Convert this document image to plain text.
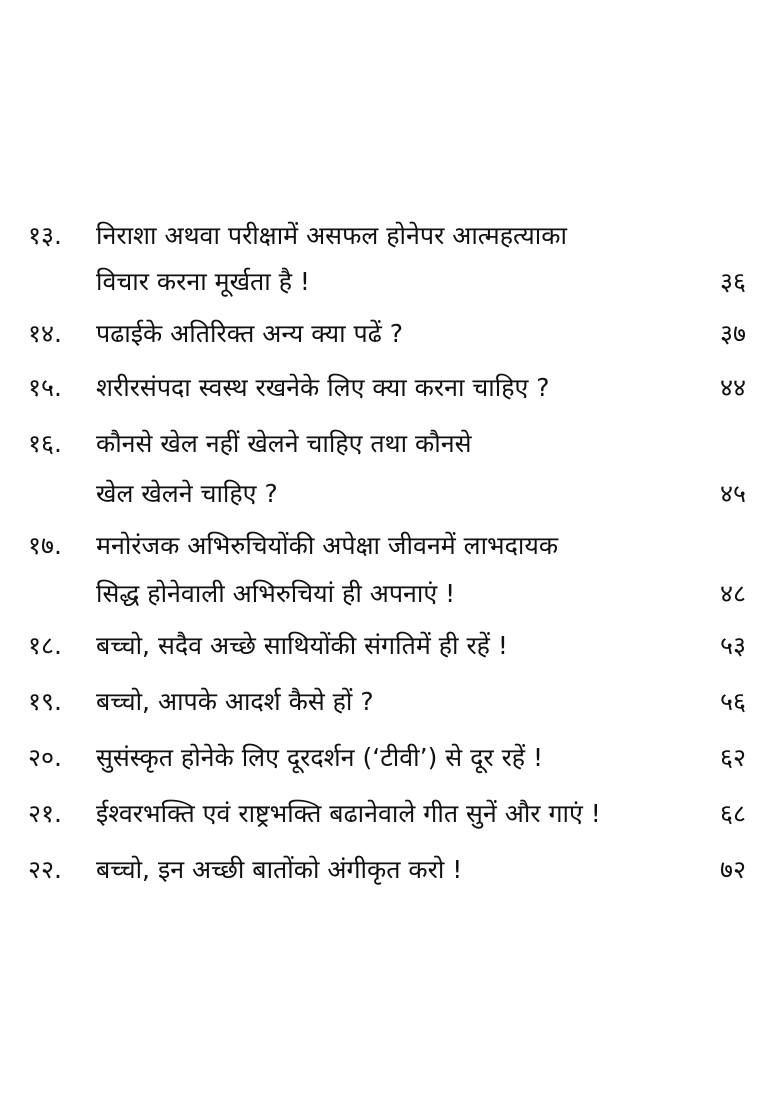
१३. निराशा अथवा परीक्षामें असफल होनेपर आत्महत्याका
विचार करना मूर्खता है !	३६
१४. पढाईके अतिरिक्त अन्य क्या पढें ?	३७
१५. शरीरसंपदा स्वस्थ रखनेके लिए क्या करना चाहिए ?	४४
१६. कौनसे खेल नहीं खेलने चाहिए तथा कौनसे
खेल खेलने चाहिए ?	४५
१७. मनोरंजक अभिरुचियोंकी अपेक्षा जीवनमें लाभदायक
सिद्ध होनेवाली अभिरुचियां ही अपनाएं !	४८
१८. बच्चो, सदैव अच्छे साथियोंकी संगतिमें ही रहें !	५३
१९. बच्चो, आपके आदर्श कैसे हों ?	५६
२०. सुसंस्कृत होनेके लिए दूरदर्शन (‘टीवी’) से दूर रहें !	६२
२१. ईश्वरभक्ति एवं राष्ट्रभक्ति बढानेवाले गीत सुनें और गाएं !	६८
२२. बच्चो, इन अच्छी बातोंको अंगीकृत करो !	७२
